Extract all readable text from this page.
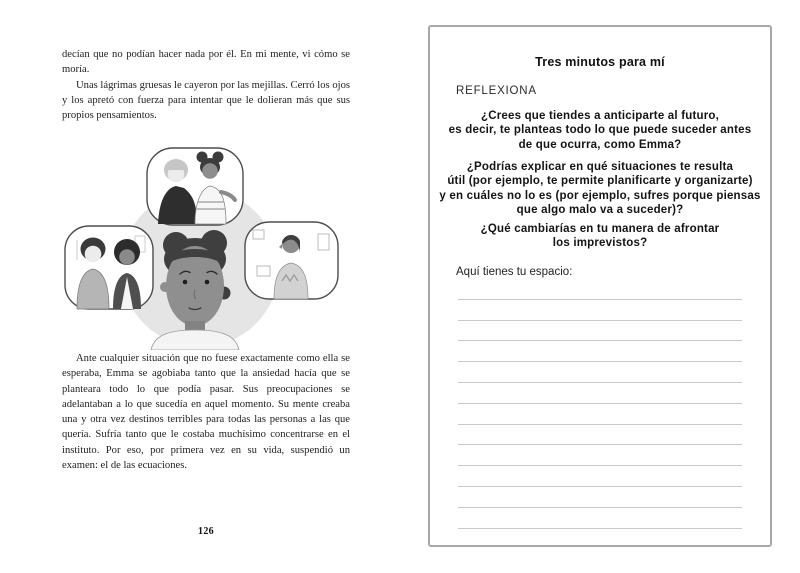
decían que no podían hacer nada por él. En mi mente, vi cómo se moría.

Unas lágrimas gruesas le cayeron por las mejillas. Cerró los ojos y los apretó con fuerza para intentar que le dolieran más que sus propios pensamientos.

Ante cualquier situación que no fuese exactamente como ella se esperaba, Emma se agobiaba tanto que la ansiedad hacía que se planteara todo lo que podía pasar. Sus preocupaciones se adelantaban a lo que sucedía en aquel momento. Su mente creaba una y otra vez destinos terribles para todas las personas a las que quería. Sufría tanto que le costaba muchísimo concentrarse en el instituto. Por eso, por primera vez en su vida, suspendió un examen: el de las ecuaciones.

126
Tres minutos para mí
REFLEXIONA
¿Crees que tiendes a anticiparte al futuro,
es decir, te planteas todo lo que puede suceder antes
de que ocurra, como Emma?
¿Podrías explicar en qué situaciones te resulta
útil (por ejemplo, te permite planificarte y organizarte)
y en cuáles no lo es (por ejemplo, sufres porque piensas
que algo malo va a suceder)?
¿Qué cambiarías en tu manera de afrontar
los imprevistos?
Aquí tienes tu espacio:
